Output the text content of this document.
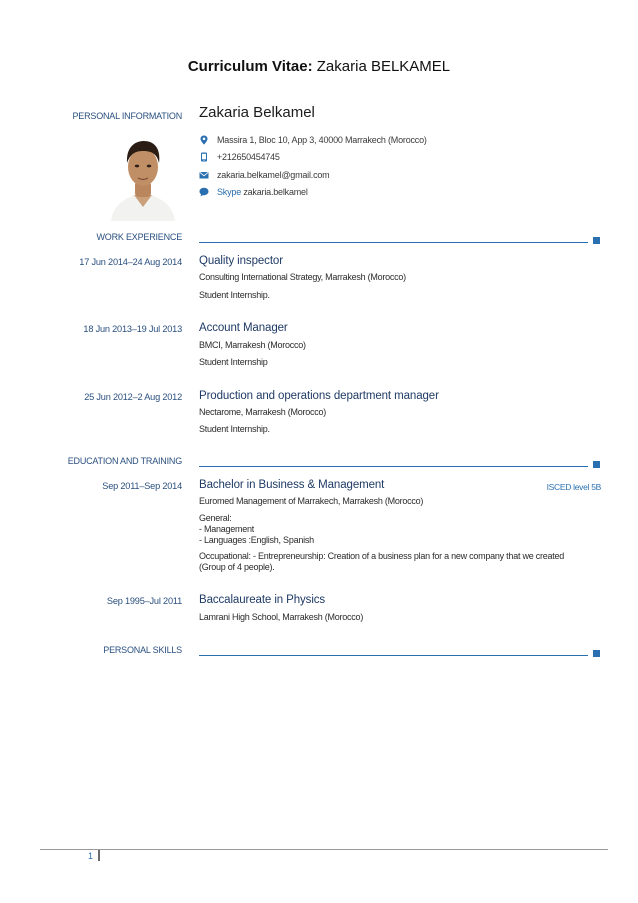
Curriculum Vitae: Zakaria BELKAMEL
PERSONAL INFORMATION Zakaria Belkamel
Massira 1, Bloc 10, App 3, 40000 Marrakech (Morocco)
+212650454745
zakaria.belkamel@gmail.com
Skype zakaria.belkamel
WORK EXPERIENCE
17 Jun 2014–24 Aug 2014 Quality inspector
Consulting International Strategy, Marrakesh (Morocco)
Student Internship.
18 Jun 2013–19 Jul 2013 Account Manager
BMCI, Marrakesh (Morocco)
Student Internship
25 Jun 2012–2 Aug 2012 Production and operations department manager
Nectarome, Marrakesh (Morocco)
Student Internship.
EDUCATION AND TRAINING
Sep 2011–Sep 2014 Bachelor in Business & Management	ISCED level 5B
Euromed Management of Marrakech, Marrakesh (Morocco)
General:
- Management
- Languages :English, Spanish
Occupational: - Entrepreneurship: Creation of a business plan for a new company that we created
(Group of 4 people).
Sep 1995–Jul 2011 Baccalaureate in Physics
Lamrani High School, Marrakesh (Morocco)
PERSONAL SKILLS
1
